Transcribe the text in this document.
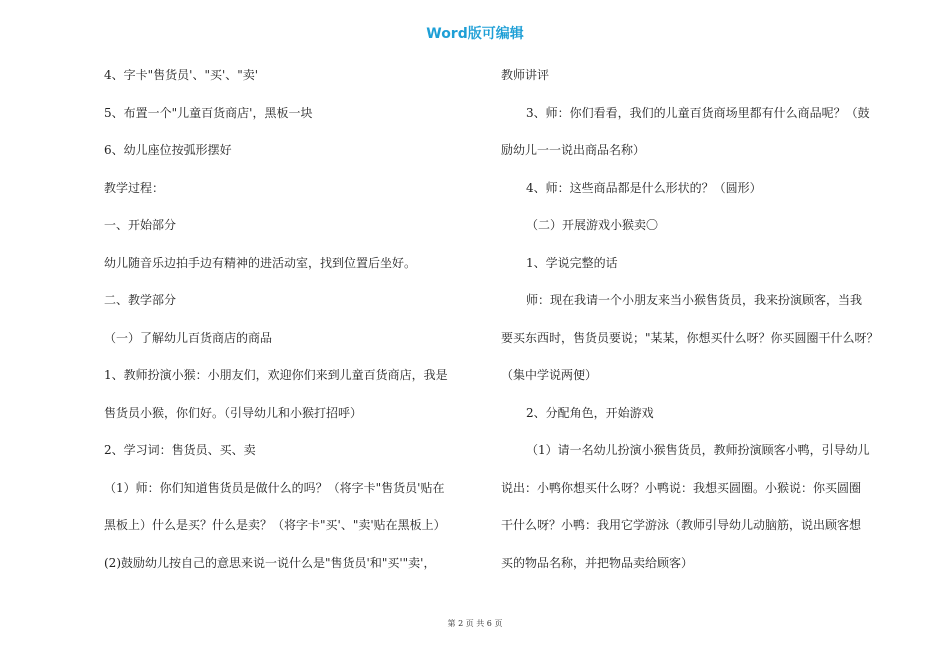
Word版可编辑
4、字卡"售货员'、"买'、"卖'
5、布置一个"儿童百货商店'，黑板一块
6、幼儿座位按弧形摆好
教学过程：
一、开始部分
幼儿随音乐边拍手边有精神的进活动室，找到位置后坐好。
二、教学部分
（一）了解幼儿百货商店的商品
1、教师扮演小猴：小朋友们，欢迎你们来到儿童百货商店，我是
售货员小猴，你们好。（引导幼儿和小猴打招呼）
2、学习词：售货员、买、卖
（1）师：你们知道售货员是做什么的吗？（将字卡"售货员'贴在
黑板上）什么是买？什么是卖？（将字卡"买'、"卖'贴在黑板上）
(2)鼓励幼儿按自己的意思来说一说什么是"售货员'和"买'"卖'，
教师讲评
3、师：你们看看，我们的儿童百货商场里都有什么商品呢？（鼓
励幼儿一一说出商品名称）
4、师：这些商品都是什么形状的？（圆形）
（二）开展游戏小猴卖〇
1、学说完整的话
师：现在我请一个小朋友来当小猴售货员，我来扮演顾客，当我
要买东西时，售货员要说；"某某，你想买什么呀？你买圆圈干什么呀？
（集中学说两便）
2、分配角色，开始游戏
（1）请一名幼儿扮演小猴售货员，教师扮演顾客小鸭，引导幼儿
说出：小鸭你想买什么呀？小鸭说：我想买圆圈。小猴说：你买圆圈
干什么呀？小鸭：我用它学游泳（教师引导幼儿动脑筋，说出顾客想
买的物品名称，并把物品卖给顾客）
第 2 页 共 6 页
